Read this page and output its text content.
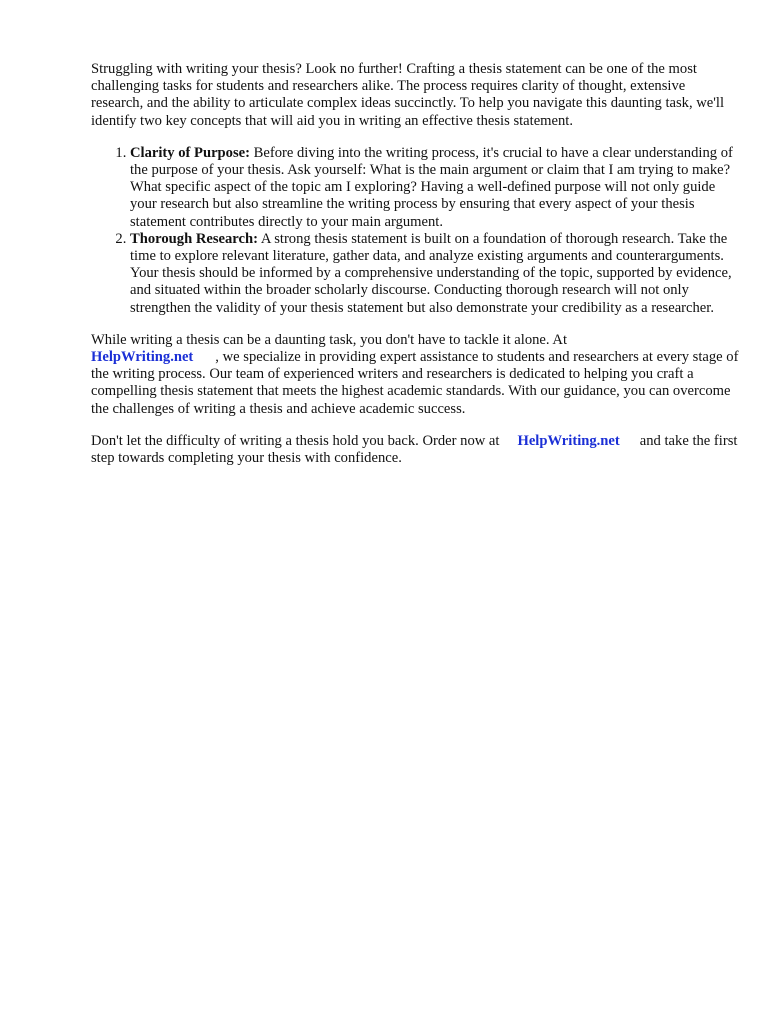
Struggling with writing your thesis? Look no further! Crafting a thesis statement can be one of the most challenging tasks for students and researchers alike. The process requires clarity of thought, extensive research, and the ability to articulate complex ideas succinctly. To help you navigate this daunting task, we'll identify two key concepts that will aid you in writing an effective thesis statement.

1. Clarity of Purpose: Before diving into the writing process, it's crucial to have a clear understanding of the purpose of your thesis. Ask yourself: What is the main argument or claim that I am trying to make? What specific aspect of the topic am I exploring? Having a well-defined purpose will not only guide your research but also streamline the writing process by ensuring that every aspect of your thesis statement contributes directly to your main argument.
2. Thorough Research: A strong thesis statement is built on a foundation of thorough research. Take the time to explore relevant literature, gather data, and analyze existing arguments and counterarguments. Your thesis should be informed by a comprehensive understanding of the topic, supported by evidence, and situated within the broader scholarly discourse. Conducting thorough research will not only strengthen the validity of your thesis statement but also demonstrate your credibility as a researcher.

While writing a thesis can be a daunting task, you don't have to tackle it alone. At
HelpWriting.net , we specialize in providing expert assistance to students and researchers at every stage of the writing process. Our team of experienced writers and researchers is dedicated to helping you craft a compelling thesis statement that meets the highest academic standards. With our guidance, you can overcome the challenges of writing a thesis and achieve academic success.

Don't let the difficulty of writing a thesis hold you back. Order now at HelpWriting.net and take the first step towards completing your thesis with confidence.
